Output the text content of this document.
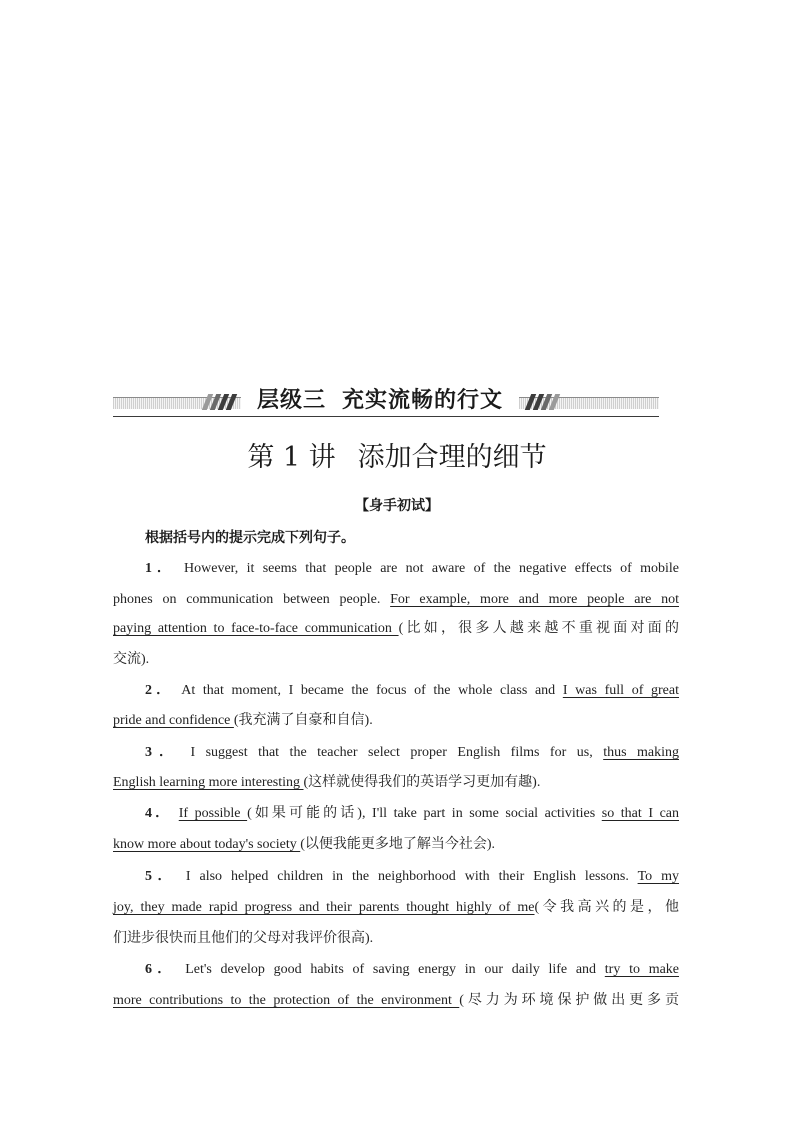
层级三 充实流畅的行文
第 1 讲 添加合理的细节
【身手初试】
根据括号内的提示完成下列句子。
1． However, it seems that people are not aware of the negative effects of mobile
phones on communication between people. For example, more and more people are not
paying attention to face-to-face communication (比如，很多人越来越不重视面对面的
交流).
2． At that moment, I became the focus of the whole class and I was full of great
pride and confidence (我充满了自豪和自信).
3． I suggest that the teacher select proper English films for us, thus making
English learning more interesting (这样就使得我们的英语学习更加有趣).
4． If possible (如果可能的话), I'll take part in some social activities so that I can
know more about today's society (以便我能更多地了解当今社会).
5． I also helped children in the neighborhood with their English lessons. To my
joy, they made rapid progress and their parents thought highly of me(令我高兴的是，他
们进步很快而且他们的父母对我评价很高).
6． Let's develop good habits of saving energy in our daily life and try to make
more contributions to the protection of the environment (尽力为环境保护做出更多贡
